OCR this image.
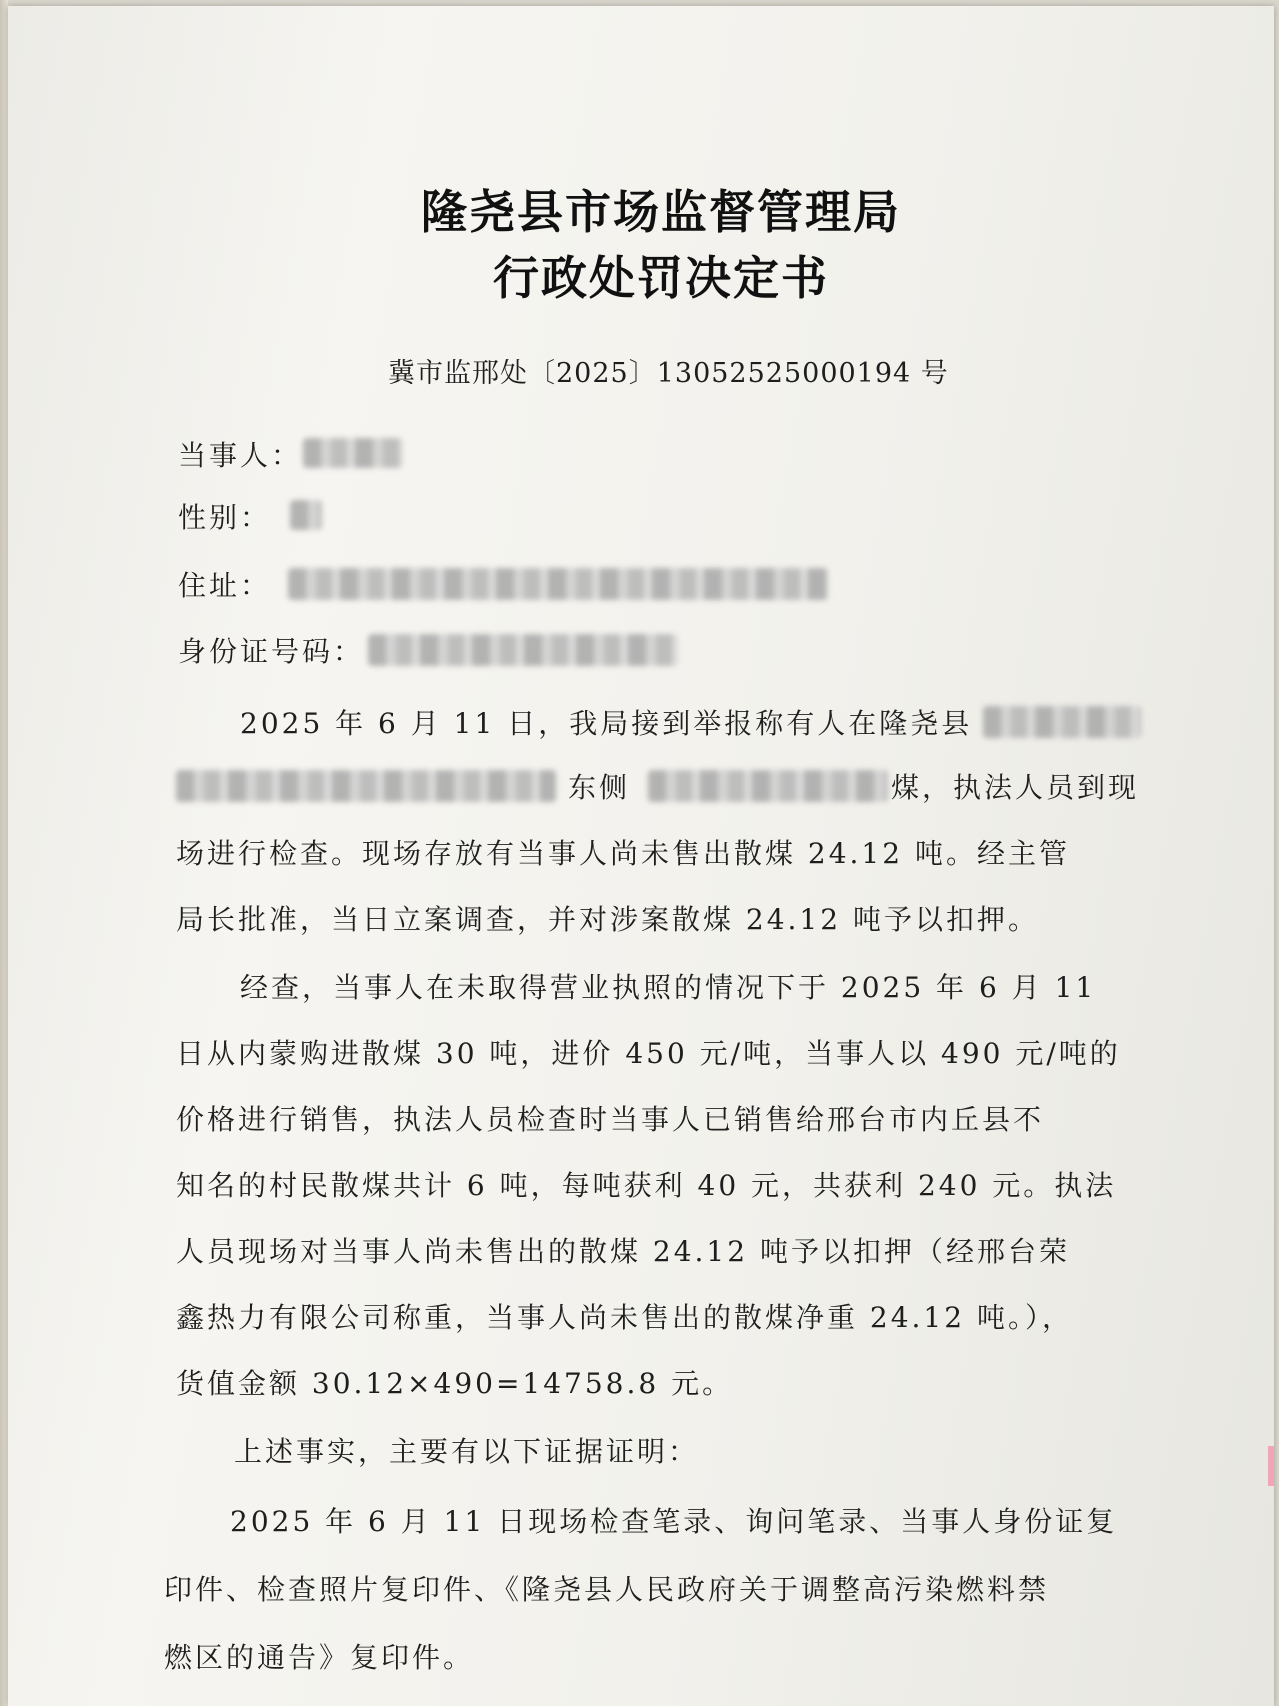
隆尧县市场监督管理局
行政处罚决定书
冀市监邢处〔2025〕13052525000194 号
当事人：
性别：
住址：
身份证号码：
2025 年 6 月 11 日，我局接到举报称有人在隆尧县
东侧	煤，执法人员到现
场进行检查。现场存放有当事人尚未售出散煤 24.12 吨。经主管
局长批准，当日立案调查，并对涉案散煤 24.12 吨予以扣押。
经查，当事人在未取得营业执照的情况下于 2025 年 6 月 11
日从内蒙购进散煤 30 吨，进价 450 元/吨，当事人以 490 元/吨的
价格进行销售，执法人员检查时当事人已销售给邢台市内丘县不
知名的村民散煤共计 6 吨，每吨获利 40 元，共获利 240 元。执法
人员现场对当事人尚未售出的散煤 24.12 吨予以扣押（经邢台荣
鑫热力有限公司称重，当事人尚未售出的散煤净重 24.12 吨。），
货值金额 30.12×490=14758.8 元。
上述事实，主要有以下证据证明：
2025 年 6 月 11 日现场检查笔录、询问笔录、当事人身份证复
印件、检查照片复印件、《隆尧县人民政府关于调整高污染燃料禁
燃区的通告》复印件。
